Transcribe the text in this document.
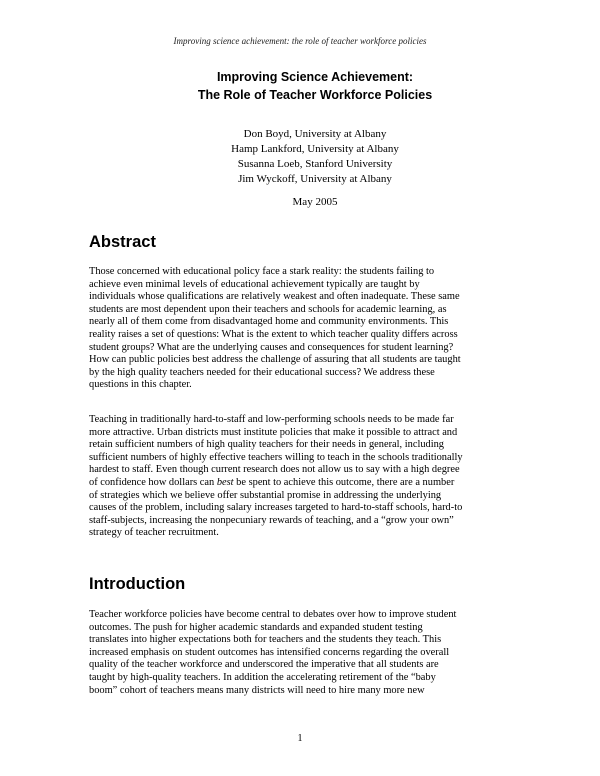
Improving science achievement: the role of teacher workforce policies
Improving Science Achievement:
The Role of Teacher Workforce Policies
Don Boyd, University at Albany
Hamp Lankford, University at Albany
Susanna Loeb, Stanford University
Jim Wyckoff, University at Albany
May 2005
Abstract
Those concerned with educational policy face a stark reality: the students failing to
achieve even minimal levels of educational achievement typically are taught by
individuals whose qualifications are relatively weakest and often inadequate. These same
students are most dependent upon their teachers and schools for academic learning, as
nearly all of them come from disadvantaged home and community environments. This
reality raises a set of questions: What is the extent to which teacher quality differs across
student groups? What are the underlying causes and consequences for student learning?
How can public policies best address the challenge of assuring that all students are taught
by the high quality teachers needed for their educational success? We address these
questions in this chapter.
Teaching in traditionally hard-to-staff and low-performing schools needs to be made far
more attractive. Urban districts must institute policies that make it possible to attract and
retain sufficient numbers of high quality teachers for their needs in general, including
sufficient numbers of highly effective teachers willing to teach in the schools traditionally
hardest to staff. Even though current research does not allow us to say with a high degree
of confidence how dollars can best be spent to achieve this outcome, there are a number
of strategies which we believe offer substantial promise in addressing the underlying
causes of the problem, including salary increases targeted to hard-to-staff schools, hard-to
staff-subjects, increasing the nonpecuniary rewards of teaching, and a “grow your own”
strategy of teacher recruitment.
Introduction
Teacher workforce policies have become central to debates over how to improve student
outcomes. The push for higher academic standards and expanded student testing
translates into higher expectations both for teachers and the students they teach. This
increased emphasis on student outcomes has intensified concerns regarding the overall
quality of the teacher workforce and underscored the imperative that all students are
taught by high-quality teachers. In addition the accelerating retirement of the “baby
boom” cohort of teachers means many districts will need to hire many more new
1
